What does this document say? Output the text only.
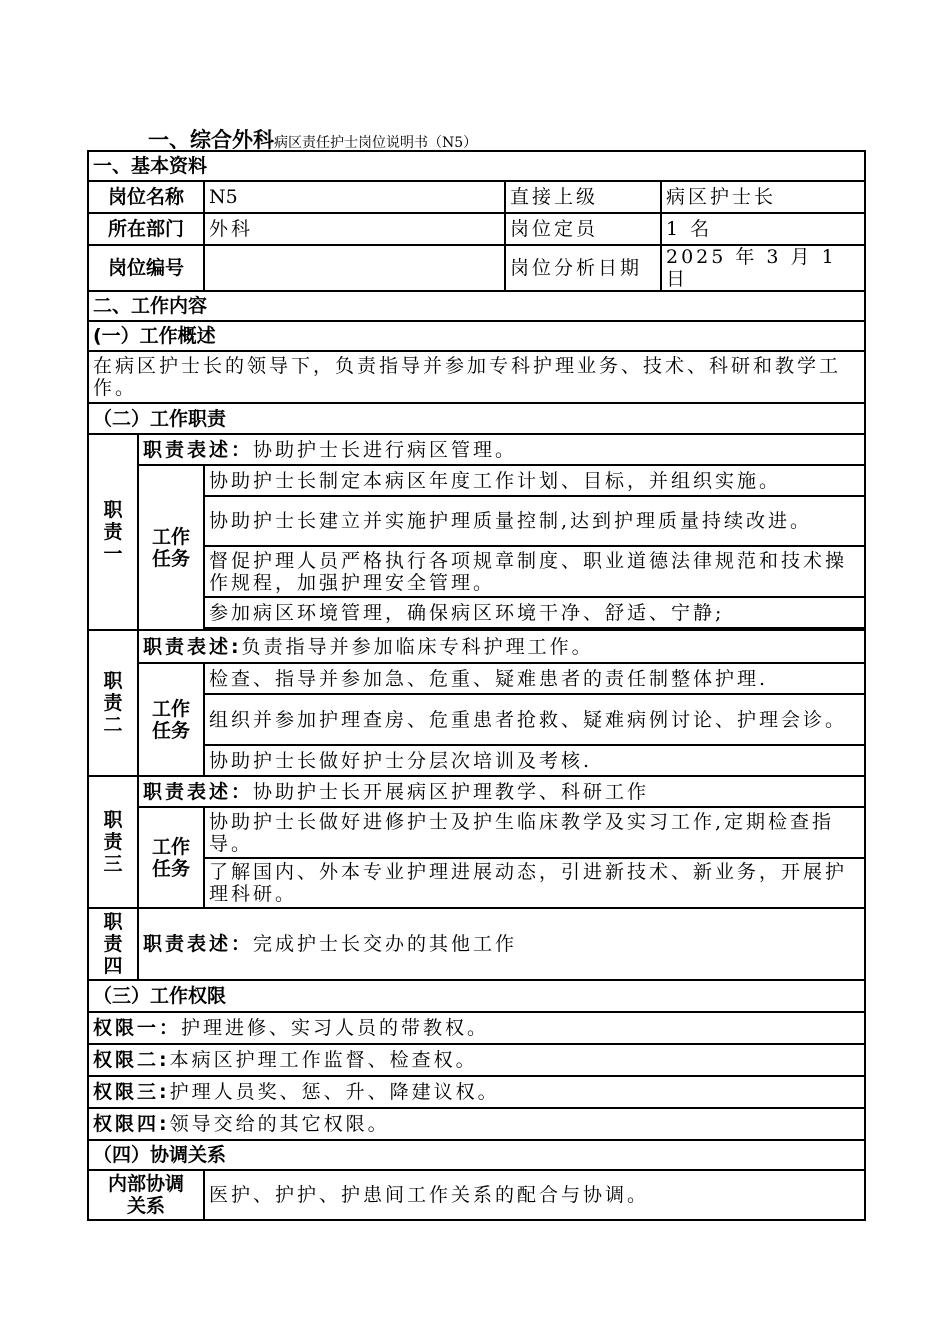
一、综合外科病区责任护士岗位说明书（N5）
一、基本资料				
岗位名称		N5	直接上级	病区护士长
所在部门		外科	岗位定员	1 名
岗位编号			岗位分析日期	2025 年 3 月 1 日
二、工作内容				
(一）工作概述				
在病区护士长的领导下，负责指导并参加专科护理业务、技术、科研和教学工作。				
（二）工作职责				

职
责
一	职责表述：协助护士长进行病区管理。			

	工作
任务	协助护士长制定本病区年度工作计划、目标，并组织实施。		
		协助护士长建立并实施护理质量控制,达到护理质量持续改进。		
		督促护理人员严格执行各项规章制度、职业道德法律规范和技术操作规程，加强护理安全管理。		
		参加病区环境管理，确保病区环境干净、舒适、宁静;		

职
责
二	职责表述:负责指导并参加临床专科护理工作。			

	工作
任务	检查、指导并参加急、危重、疑难患者的责任制整体护理.		
		组织并参加护理查房、危重患者抢救、疑难病例讨论、护理会诊。		
		协助护士长做好护士分层次培训及考核.		

职
责
三	职责表述：协助护士长开展病区护理教学、科研工作			

	工作
任务	协助护士长做好进修护士及护生临床教学及实习工作,定期检查指导。		
		了解国内、外本专业护理进展动态，引进新技术、新业务，开展护理科研。		

职
责
四	职责表述：完成护士长交办的其他工作			
（三）工作权限				
权限一：护理进修、实习人员的带教权。				
权限二:本病区护理工作监督、检查权。				
权限三:护理人员奖、惩、升、降建议权。				
权限四:领导交给的其它权限。				
（四）协调关系				

内部协调
关系		医护、护护、护患间工作关系的配合与协调。		
